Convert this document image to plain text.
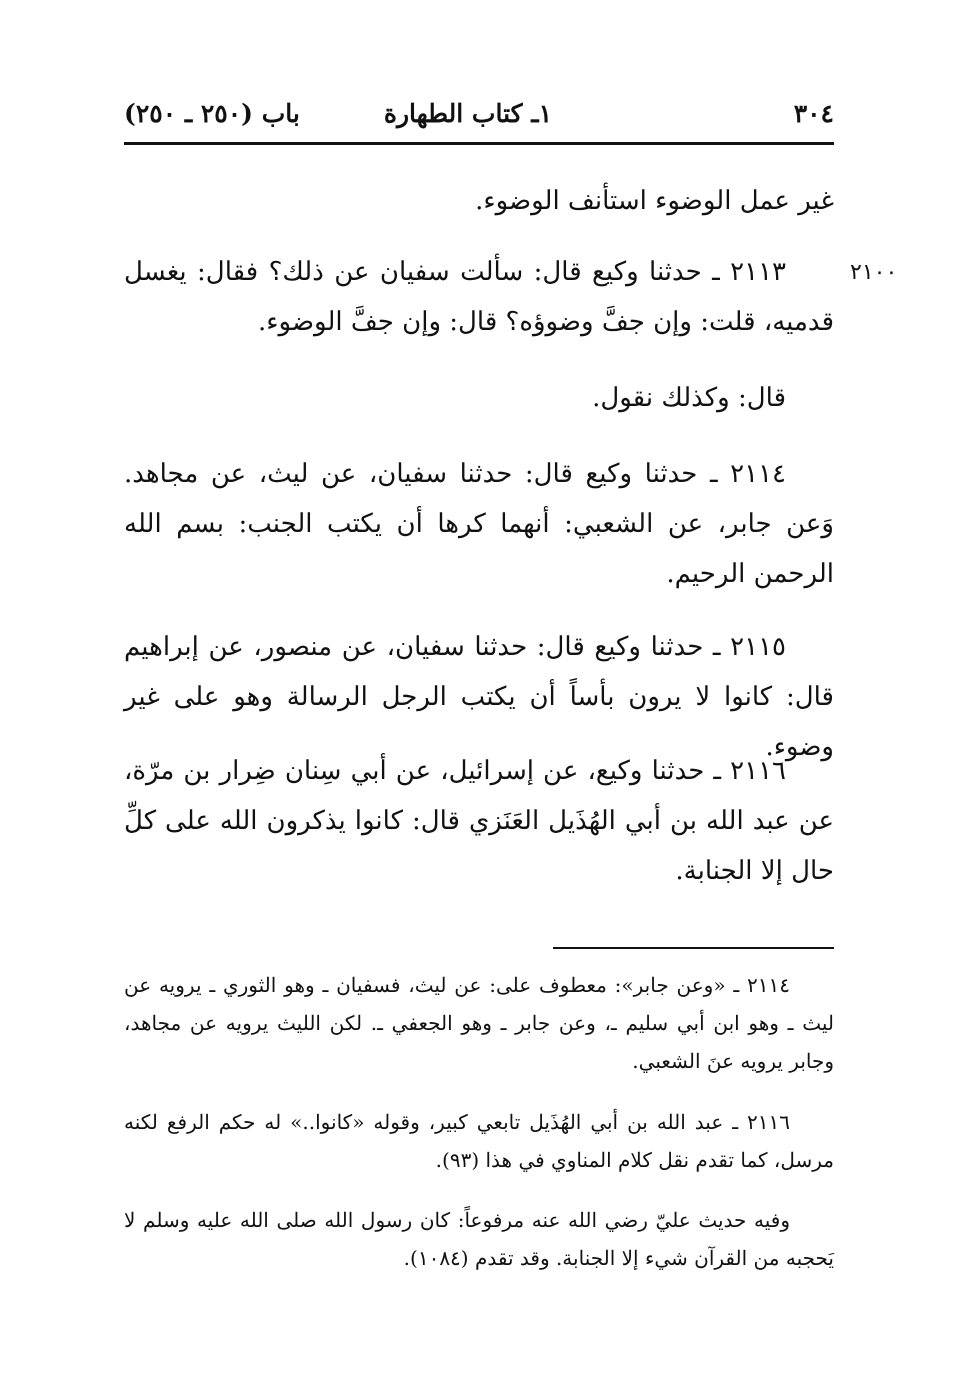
٣٠٤
١ـ كتاب الطهارة
باب (٢٥٠ ـ ٢٥٠)

غير عمل الوضوء استأنف الوضوء.

٢١٠٠

٢١١٣ ـ حدثنا وكيع قال: سألت سفيان عن ذلك؟ فقال: يغسل قدميه، قلت: وإن جفَّ وضوؤه؟ قال: وإن جفَّ الوضوء.

قال: وكذلك نقول.

٢١١٤ ـ حدثنا وكيع قال: حدثنا سفيان، عن ليث، عن مجاهد. وَعن جابر، عن الشعبي: أنهما كرها أن يكتب الجنب: بسم الله الرحمن الرحيم.

٢١١٥ ـ حدثنا وكيع قال: حدثنا سفيان، عن منصور، عن إبراهيم قال: كانوا لا يرون بأساً أن يكتب الرجل الرسالة وهو على غير وضوء.

٢١١٦ ـ حدثنا وكيع، عن إسرائيل، عن أبي سِنان ضِرار بن مرّة، عن عبد الله بن أبي الهُذَيل العَنَزي قال: كانوا يذكرون الله على كلِّ حال إلا الجنابة.

٢١١٤ ـ «وعن جابر»: معطوف على: عن ليث، فسفيان ـ وهو الثوري ـ يرويه عن ليث ـ وهو ابن أبي سليم ـ، وعن جابر ـ وهو الجعفي ـ. لكن الليث يرويه عن مجاهد، وجابر يرويه عنَ الشعبي.

٢١١٦ ـ عبد الله بن أبي الهُذَيل تابعي كبير، وقوله «كانوا..» له حكم الرفع لكنه مرسل، كما تقدم نقل كلام المناوي في هذا (٩٣).

وفيه حديث عليّ رضي الله عنه مرفوعاً: كان رسول الله صلى الله عليه وسلم لا يَحجبه من القرآن شيء إلا الجنابة. وقد تقدم (١٠٨٤).
